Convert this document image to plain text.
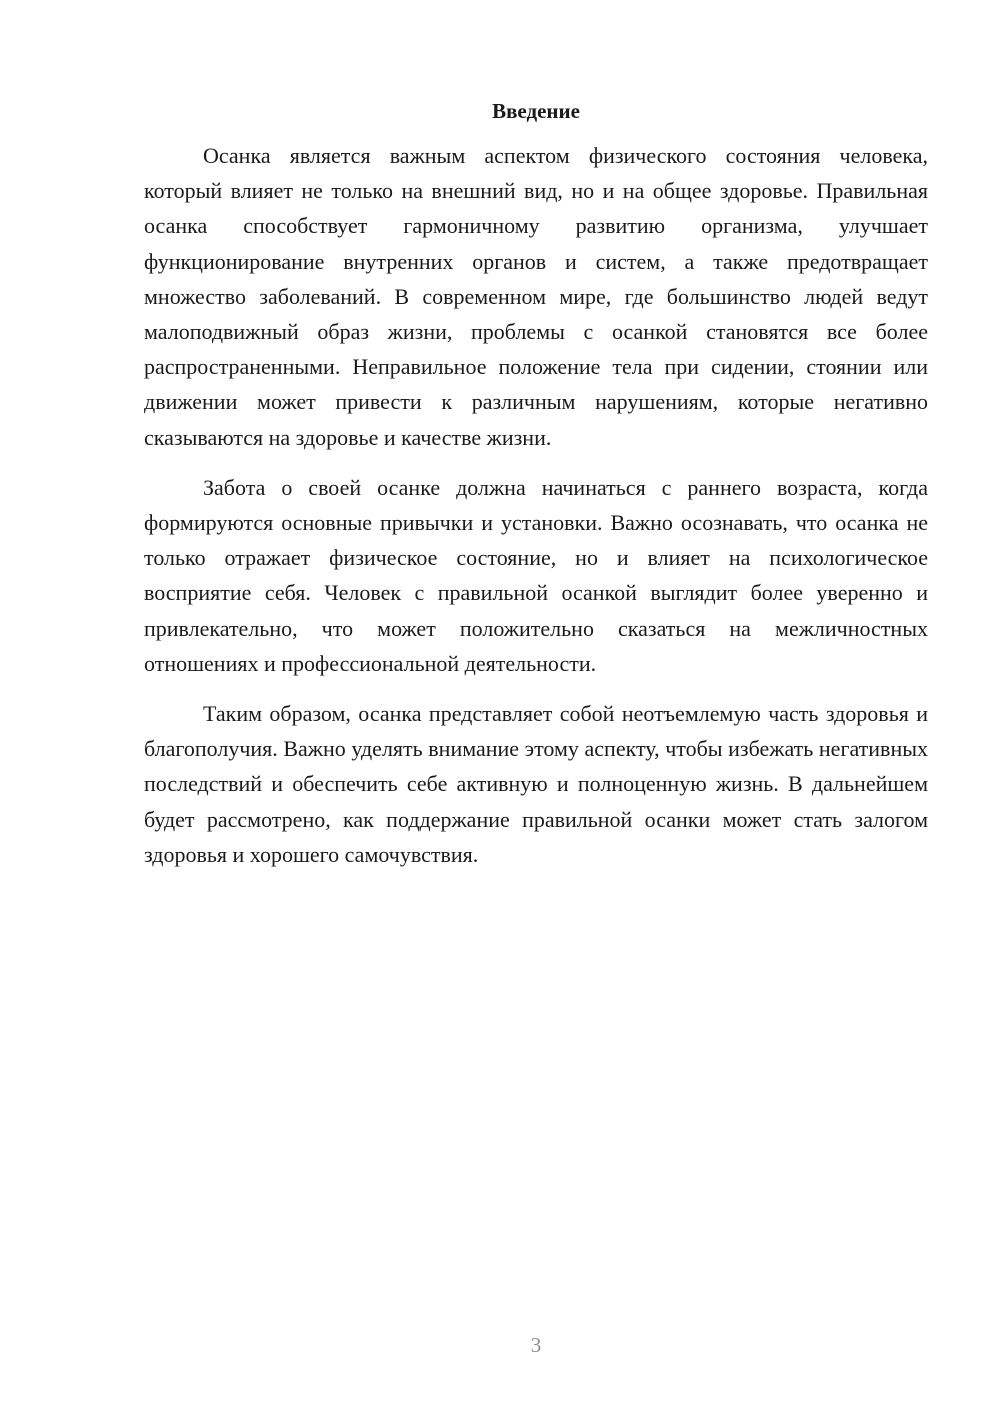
Введение

Осанка является важным аспектом физического состояния человека, который влияет не только на внешний вид, но и на общее здоровье. Правильная осанка способствует гармоничному развитию организма, улучшает функционирование внутренних органов и систем, а также предотвращает множество заболеваний. В современном мире, где большинство людей ведут малоподвижный образ жизни, проблемы с осанкой становятся все более распространенными. Неправильное положение тела при сидении, стоянии или движении может привести к различным нарушениям, которые негативно сказываются на здоровье и качестве жизни.

Забота о своей осанке должна начинаться с раннего возраста, когда формируются основные привычки и установки. Важно осознавать, что осанка не только отражает физическое состояние, но и влияет на психологическое восприятие себя. Человек с правильной осанкой выглядит более уверенно и привлекательно, что может положительно сказаться на межличностных отношениях и профессиональной деятельности.

Таким образом, осанка представляет собой неотъемлемую часть здоровья и благополучия. Важно уделять внимание этому аспекту, чтобы избежать негативных последствий и обеспечить себе активную и полноценную жизнь. В дальнейшем будет рассмотрено, как поддержание правильной осанки может стать залогом здоровья и хорошего самочувствия.

3
